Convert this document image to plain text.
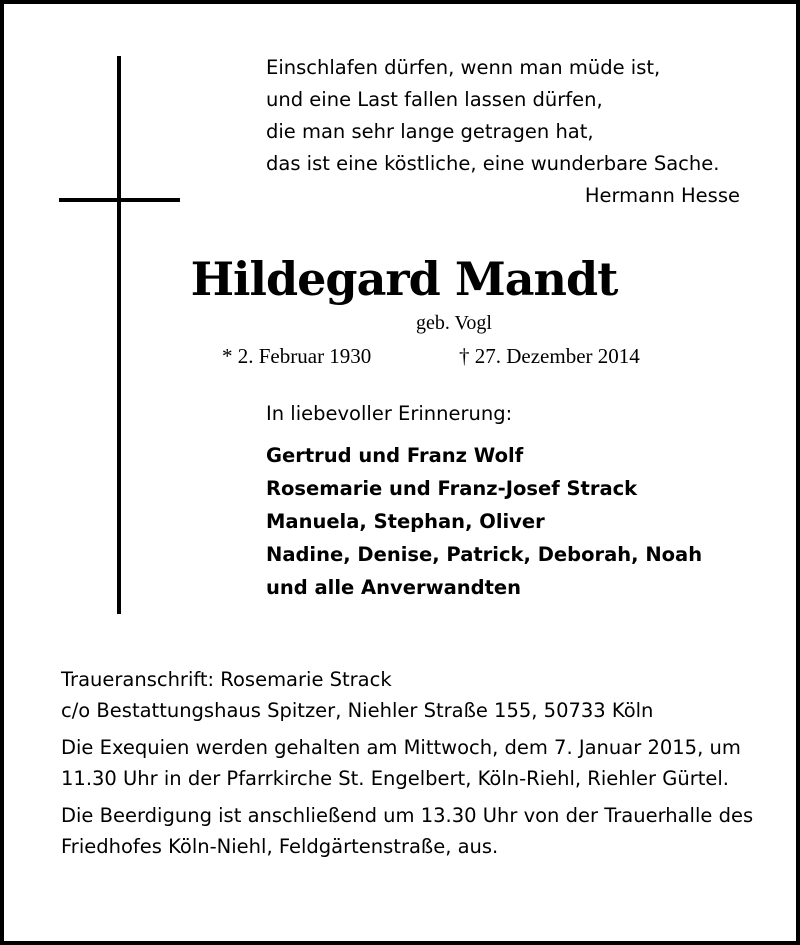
Einschlafen dürfen, wenn man müde ist,
und eine Last fallen lassen dürfen,
die man sehr lange getragen hat,
das ist eine köstliche, eine wunderbare Sache.
Hermann Hesse
Hildegard Mandt
geb. Vogl
* 2. Februar 1930	† 27. Dezember 2014
In liebevoller Erinnerung:
Gertrud und Franz Wolf
Rosemarie und Franz-Josef Strack
Manuela, Stephan, Oliver
Nadine, Denise, Patrick, Deborah, Noah
und alle Anverwandten

Traueranschrift: Rosemarie Strack
c/o Bestattungshaus Spitzer, Niehler Straße 155, 50733 Köln

Die Exequien werden gehalten am Mittwoch, dem 7. Januar 2015, um 11.30 Uhr in der Pfarrkirche St. Engelbert, Köln-Riehl, Riehler Gürtel.

Die Beerdigung ist anschließend um 13.30 Uhr von der Trauerhalle des Friedhofes Köln-Niehl, Feldgärtenstraße, aus.
